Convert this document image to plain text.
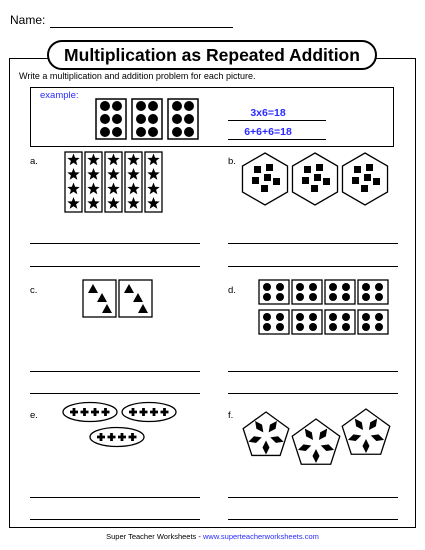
Name:
Multiplication as Repeated Addition
Write a multiplication and addition problem for each picture.
example:
3x6=18
6+6+6=18
a.	b.
c.	d.
e.	f.
Super Teacher Worksheets - www.superteacherworksheets.com
